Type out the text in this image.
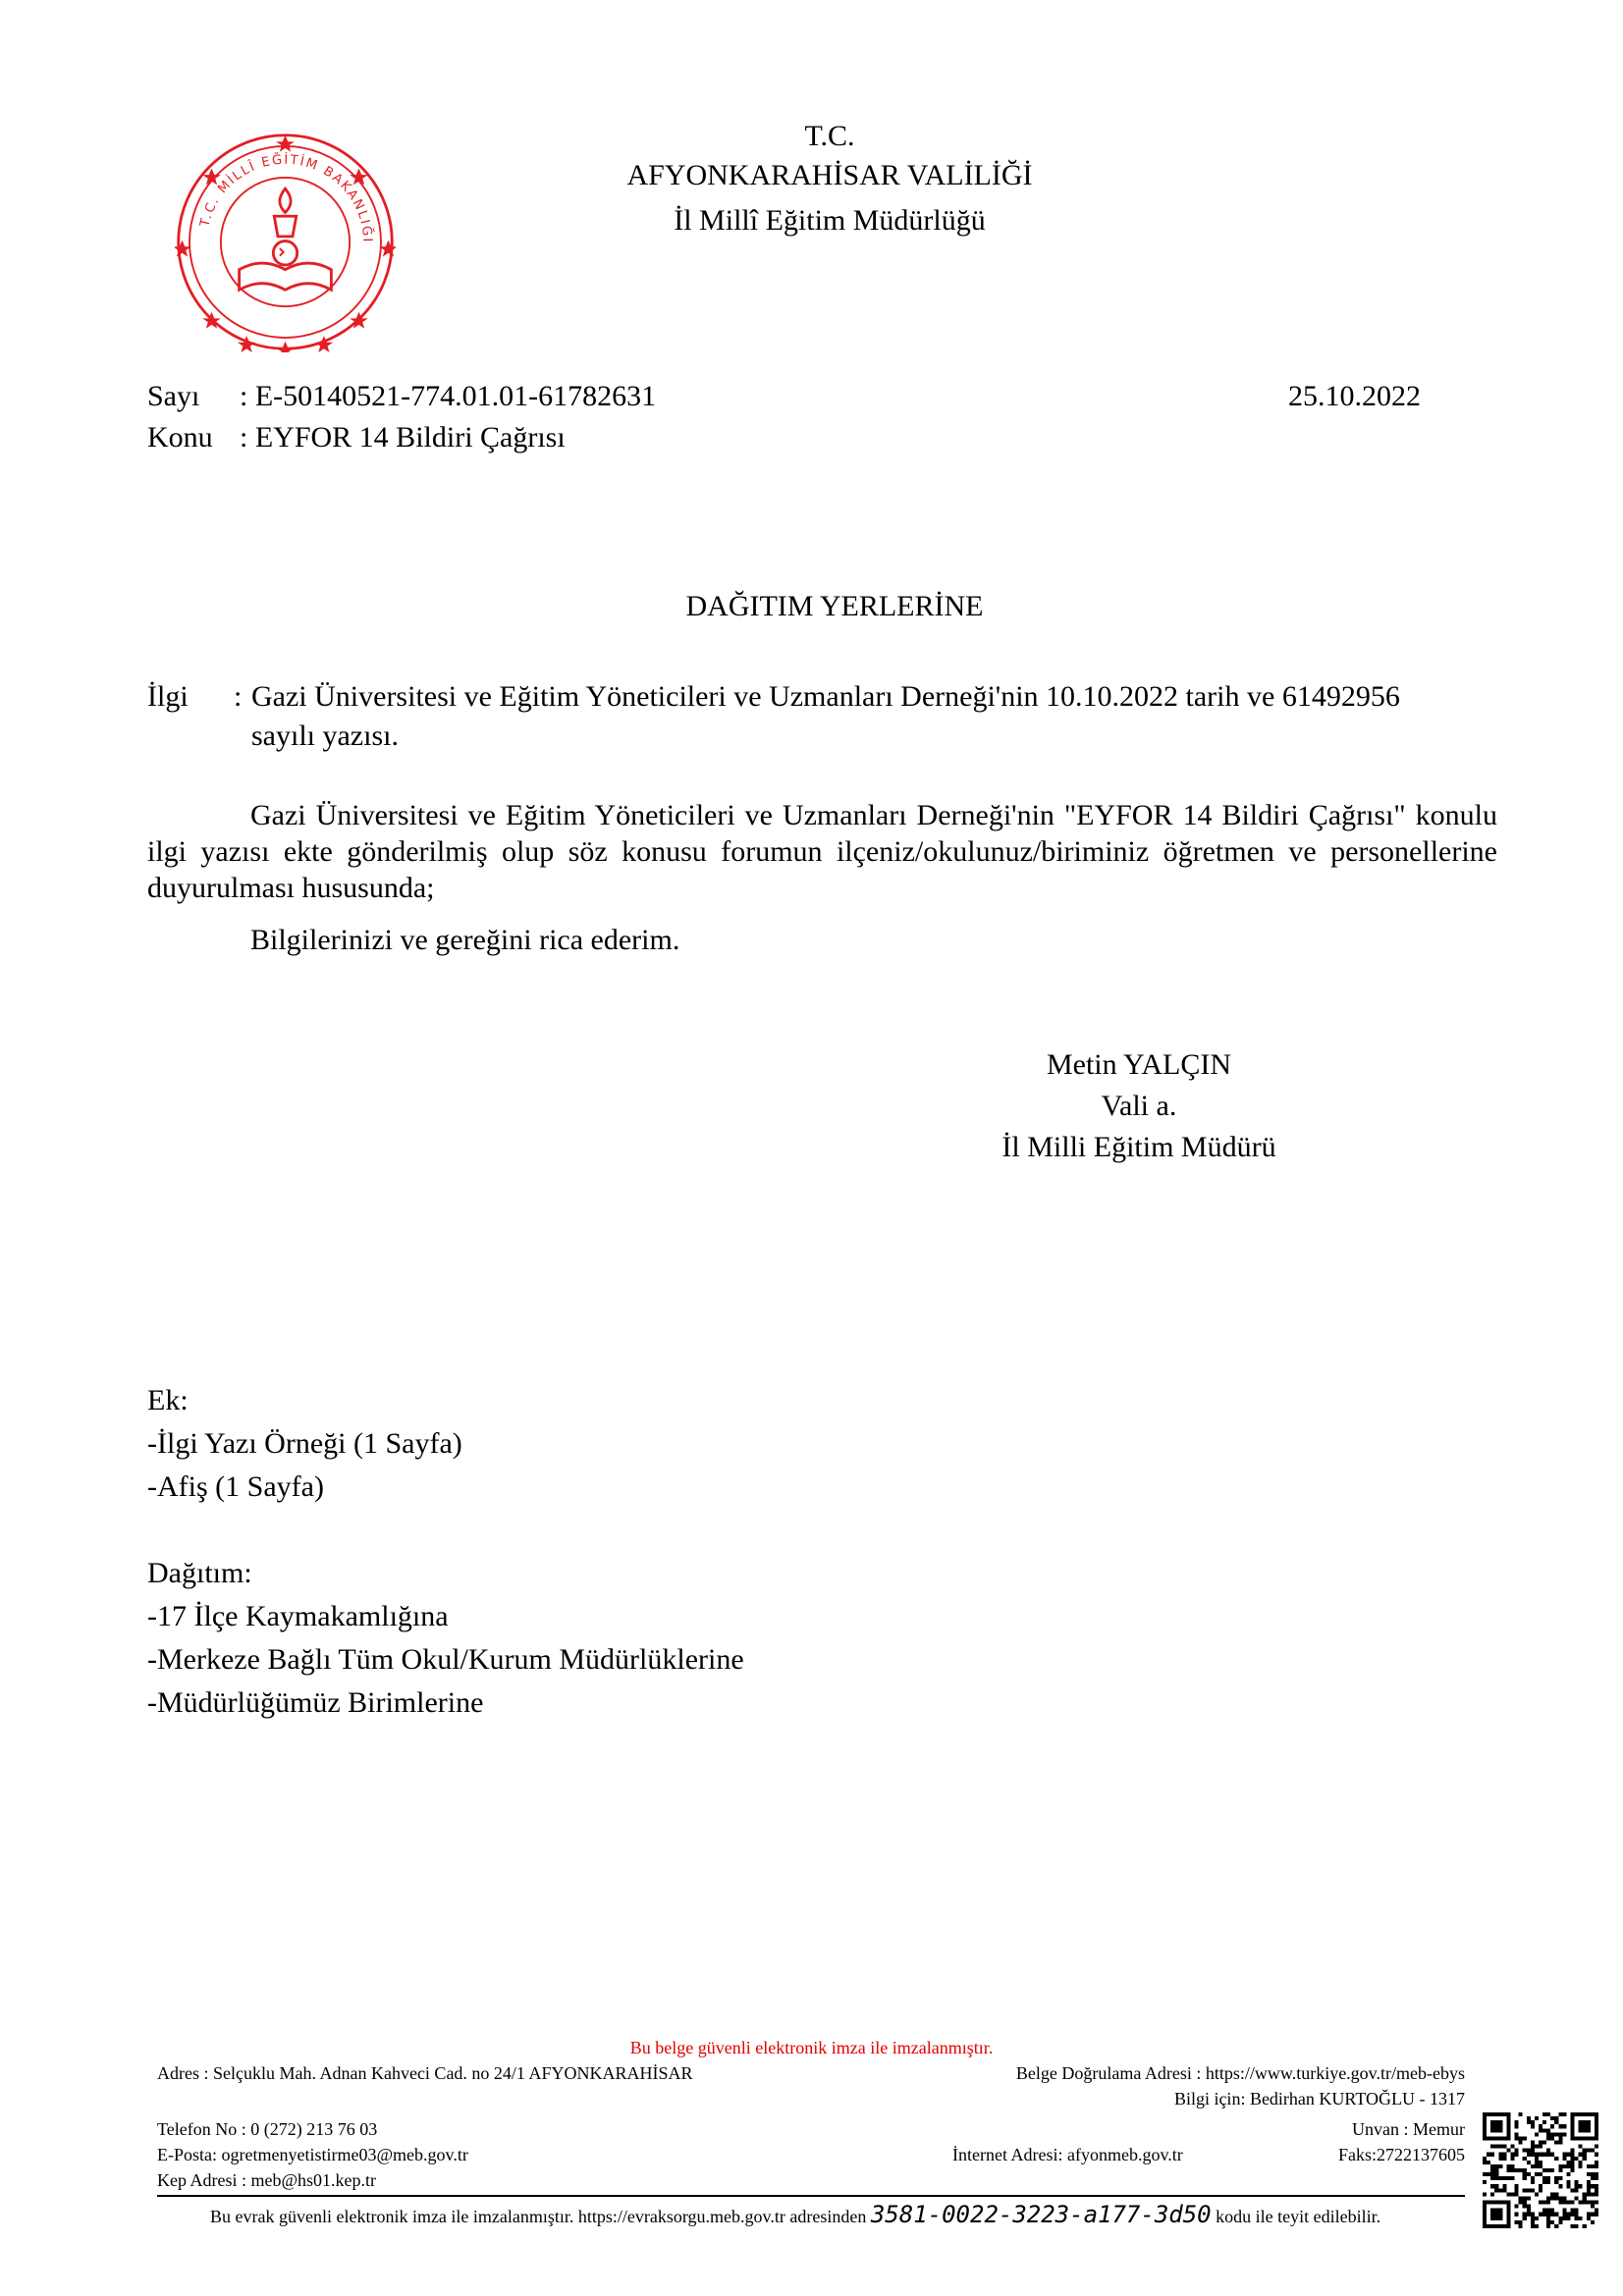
T.C. MİLLÎ EĞİTİM BAKANLIĞI
T.C.
AFYONKARAHİSAR VALİLİĞİ
İl Millî Eğitim Müdürlüğü
Sayı : E-50140521-774.01.01-61782631	25.10.2022
Konu : EYFOR 14 Bildiri Çağrısı
DAĞITIM YERLERİNE
İlgi : Gazi Üniversitesi ve Eğitim Yöneticileri ve Uzmanları Derneği'nin 10.10.2022 tarih ve 61492956
sayılı yazısı.
Gazi Üniversitesi ve Eğitim Yöneticileri ve Uzmanları Derneği'nin "EYFOR 14 Bildiri Çağrısı" konulu ilgi yazısı ekte gönderilmiş olup söz konusu forumun ilçeniz/okulunuz/biriminiz öğretmen ve personellerine duyurulması hususunda;
Bilgilerinizi ve gereğini rica ederim.
Metin YALÇIN
Vali a.
İl Milli Eğitim Müdürü
Ek:
-İlgi Yazı Örneği (1 Sayfa)
-Afiş (1 Sayfa)
Dağıtım:
-17 İlçe Kaymakamlığına
-Merkeze Bağlı Tüm Okul/Kurum Müdürlüklerine
-Müdürlüğümüz Birimlerine
Bu belge güvenli elektronik imza ile imzalanmıştır.
Adres : Selçuklu Mah. Adnan Kahveci Cad. no 24/1 AFYONKARAHİSAR	Belge Doğrulama Adresi : https://www.turkiye.gov.tr/meb-ebys
Bilgi için: Bedirhan KURTOĞLU - 1317
Telefon No : 0 (272) 213 76 03	Unvan : Memur
E-Posta: ogretmenyetistirme03@meb.gov.tr	İnternet Adresi: afyonmeb.gov.tr	Faks:2722137605
Kep Adresi : meb@hs01.kep.tr
Bu evrak güvenli elektronik imza ile imzalanmıştır. https://evraksorgu.meb.gov.tr adresinden 3581-0022-3223-a177-3d50 kodu ile teyit edilebilir.
